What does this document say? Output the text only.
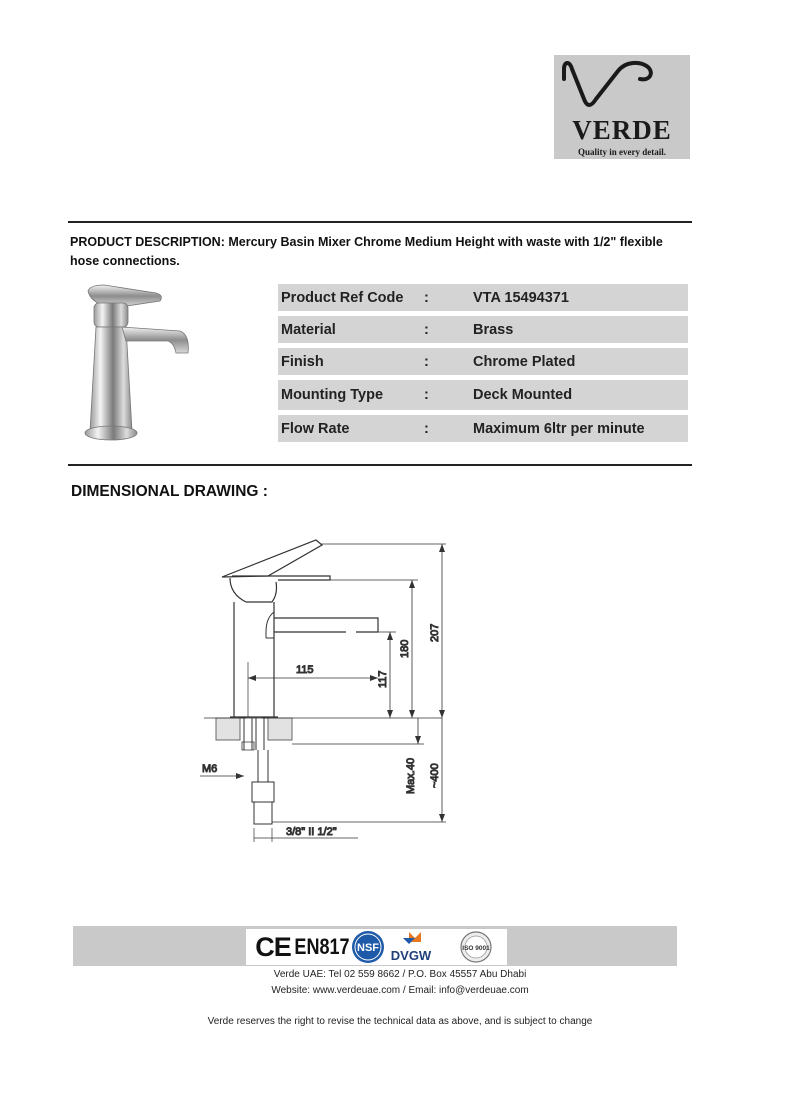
VERDE
Quality in every detail.
PRODUCT DESCRIPTION: Mercury Basin Mixer Chrome Medium Height with waste with 1/2" flexible hose connections.
Product Ref Code :	VTA 15494371
Material	:	Brass
Finish	:	Chrome Plated
Mounting Type	:	Deck Mounted
Flow Rate	:	Maximum 6ltr per minute
DIMENSIONAL DRAWING :
115
117
180
207
Max.40 ~400
M6
3/8" II 1/2"
CE EN817 NSF DVGW	ISO 9001
Verde UAE: Tel 02 559 8662 / P.O. Box 45557 Abu Dhabi
Website: www.verdeuae.com / Email: info@verdeuae.com
Verde reserves the right to revise the technical data as above, and is subject to change
